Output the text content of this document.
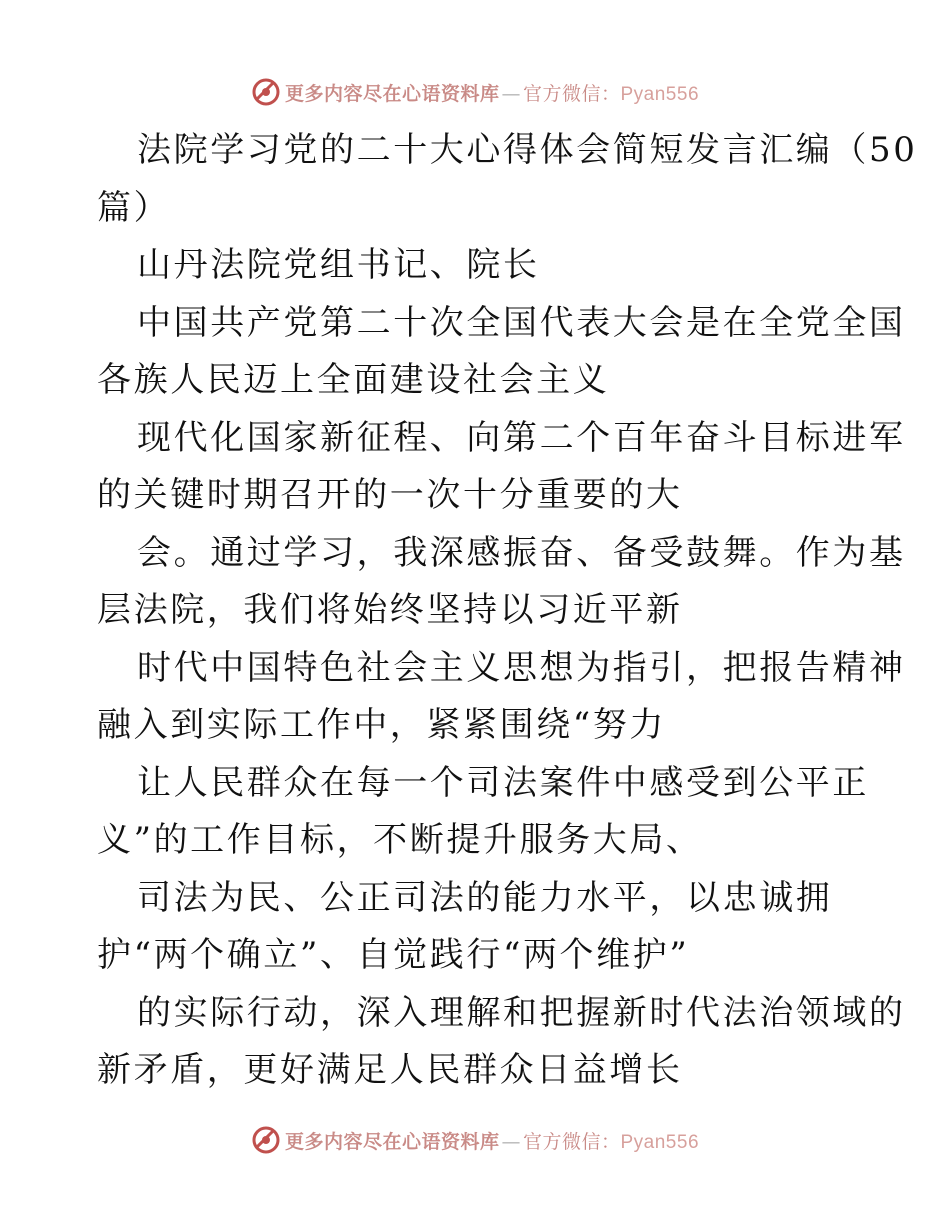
更多内容尽在心语资料库 — 官方微信：Pyan556
法院学习党的二十大心得体会简短发言汇编（50
篇）
山丹法院党组书记、院长
中国共产党第二十次全国代表大会是在全党全国
各族人民迈上全面建设社会主义
现代化国家新征程、向第二个百年奋斗目标进军
的关键时期召开的一次十分重要的大
会。通过学习，我深感振奋、备受鼓舞。作为基
层法院，我们将始终坚持以习近平新
时代中国特色社会主义思想为指引，把报告精神
融入到实际工作中，紧紧围绕“努力
让人民群众在每一个司法案件中感受到公平正
义”的工作目标，不断提升服务大局、
司法为民、公正司法的能力水平，以忠诚拥
护“两个确立”、自觉践行“两个维护”
的实际行动，深入理解和把握新时代法治领域的
新矛盾，更好满足人民群众日益增长
更多内容尽在心语资料库 — 官方微信：Pyan556
